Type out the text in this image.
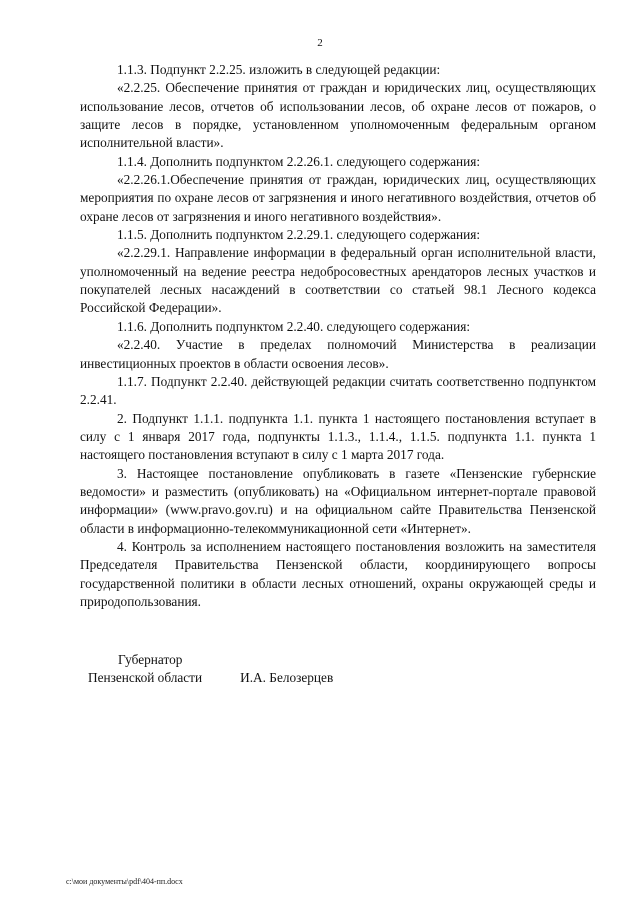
2

1.1.3. Подпункт 2.2.25. изложить в следующей редакции:

«2.2.25. Обеспечение принятия от граждан и юридических лиц, осуществляющих использование лесов, отчетов об использовании лесов, об охране лесов от пожаров, о защите лесов в порядке, установленном уполномоченным федеральным органом исполнительной власти».

1.1.4. Дополнить подпунктом 2.2.26.1. следующего содержания:

«2.2.26.1.Обеспечение принятия от граждан, юридических лиц, осуществляющих мероприятия по охране лесов от загрязнения и иного негативного воздействия, отчетов об охране лесов от загрязнения и иного негативного воздействия».

1.1.5. Дополнить подпунктом 2.2.29.1. следующего содержания:

«2.2.29.1. Направление информации в федеральный орган исполнительной власти, уполномоченный на ведение реестра недобросовестных арендаторов лесных участков и покупателей лесных насаждений в соответствии со статьей 98.1 Лесного кодекса Российской Федерации».

1.1.6. Дополнить подпунктом 2.2.40. следующего содержания:

«2.2.40. Участие в пределах полномочий Министерства в реализации инвестиционных проектов в области освоения лесов».

1.1.7. Подпункт 2.2.40. действующей редакции считать соответственно подпунктом 2.2.41.

2. Подпункт 1.1.1. подпункта 1.1. пункта 1 настоящего постановления вступает в силу с 1 января 2017 года, подпункты 1.1.3., 1.1.4., 1.1.5. подпункта 1.1. пункта 1 настоящего постановления вступают в силу с 1 марта 2017 года.

3. Настоящее постановление опубликовать в газете «Пензенские губернские ведомости» и разместить (опубликовать) на «Официальном интернет-портале правовой информации» (www.pravo.gov.ru) и на официальном сайте Правительства Пензенской области в информационно-телекоммуникационной сети «Интернет».

4. Контроль за исполнением настоящего постановления возложить на заместителя Председателя Правительства Пензенской области, координирующего вопросы государственной политики в области лесных отношений, охраны окружающей среды и природопользования.

Губернатор
Пензенской области	И.А. Белозерцев
c:\мои документы\pdf\404-пп.docx
